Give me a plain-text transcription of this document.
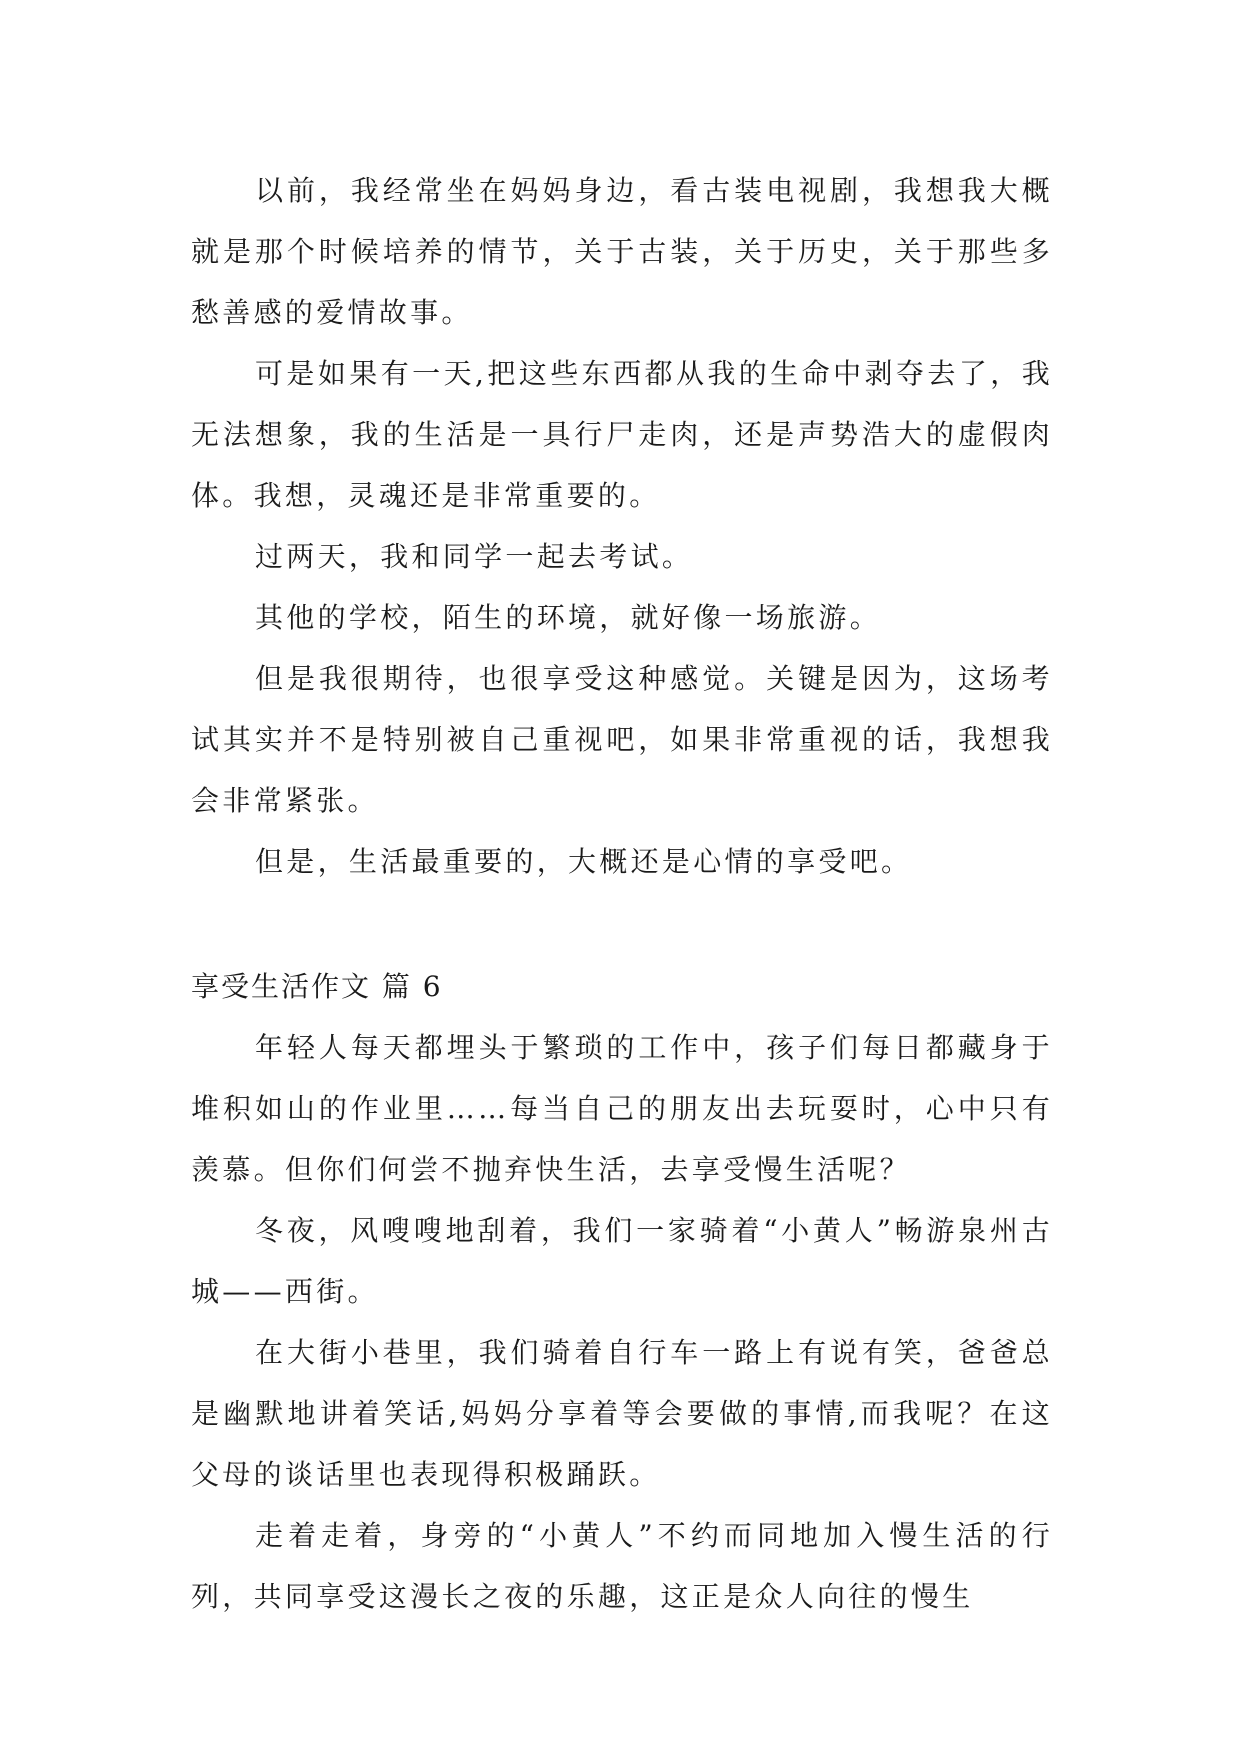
以前，我经常坐在妈妈身边，看古装电视剧，我想我大概就是那个时候培养的情节，关于古装，关于历史，关于那些多愁善感的爱情故事。

可是如果有一天,把这些东西都从我的生命中剥夺去了，我无法想象，我的生活是一具行尸走肉，还是声势浩大的虚假肉体。我想，灵魂还是非常重要的。

过两天，我和同学一起去考试。

其他的学校，陌生的环境，就好像一场旅游。

但是我很期待，也很享受这种感觉。关键是因为，这场考试其实并不是特别被自己重视吧，如果非常重视的话，我想我会非常紧张。

但是，生活最重要的，大概还是心情的享受吧。

享受生活作文 篇 6

年轻人每天都埋头于繁琐的工作中，孩子们每日都藏身于堆积如山的作业里……每当自己的朋友出去玩耍时，心中只有羡慕。但你们何尝不抛弃快生活，去享受慢生活呢？

冬夜，风嗖嗖地刮着，我们一家骑着“小黄人”畅游泉州古城——西街。

在大街小巷里，我们骑着自行车一路上有说有笑，爸爸总是幽默地讲着笑话,妈妈分享着等会要做的事情,而我呢？在这父母的谈话里也表现得积极踊跃。

走着走着，身旁的“小黄人”不约而同地加入慢生活的行列，共同享受这漫长之夜的乐趣，这正是众人向往的慢生
